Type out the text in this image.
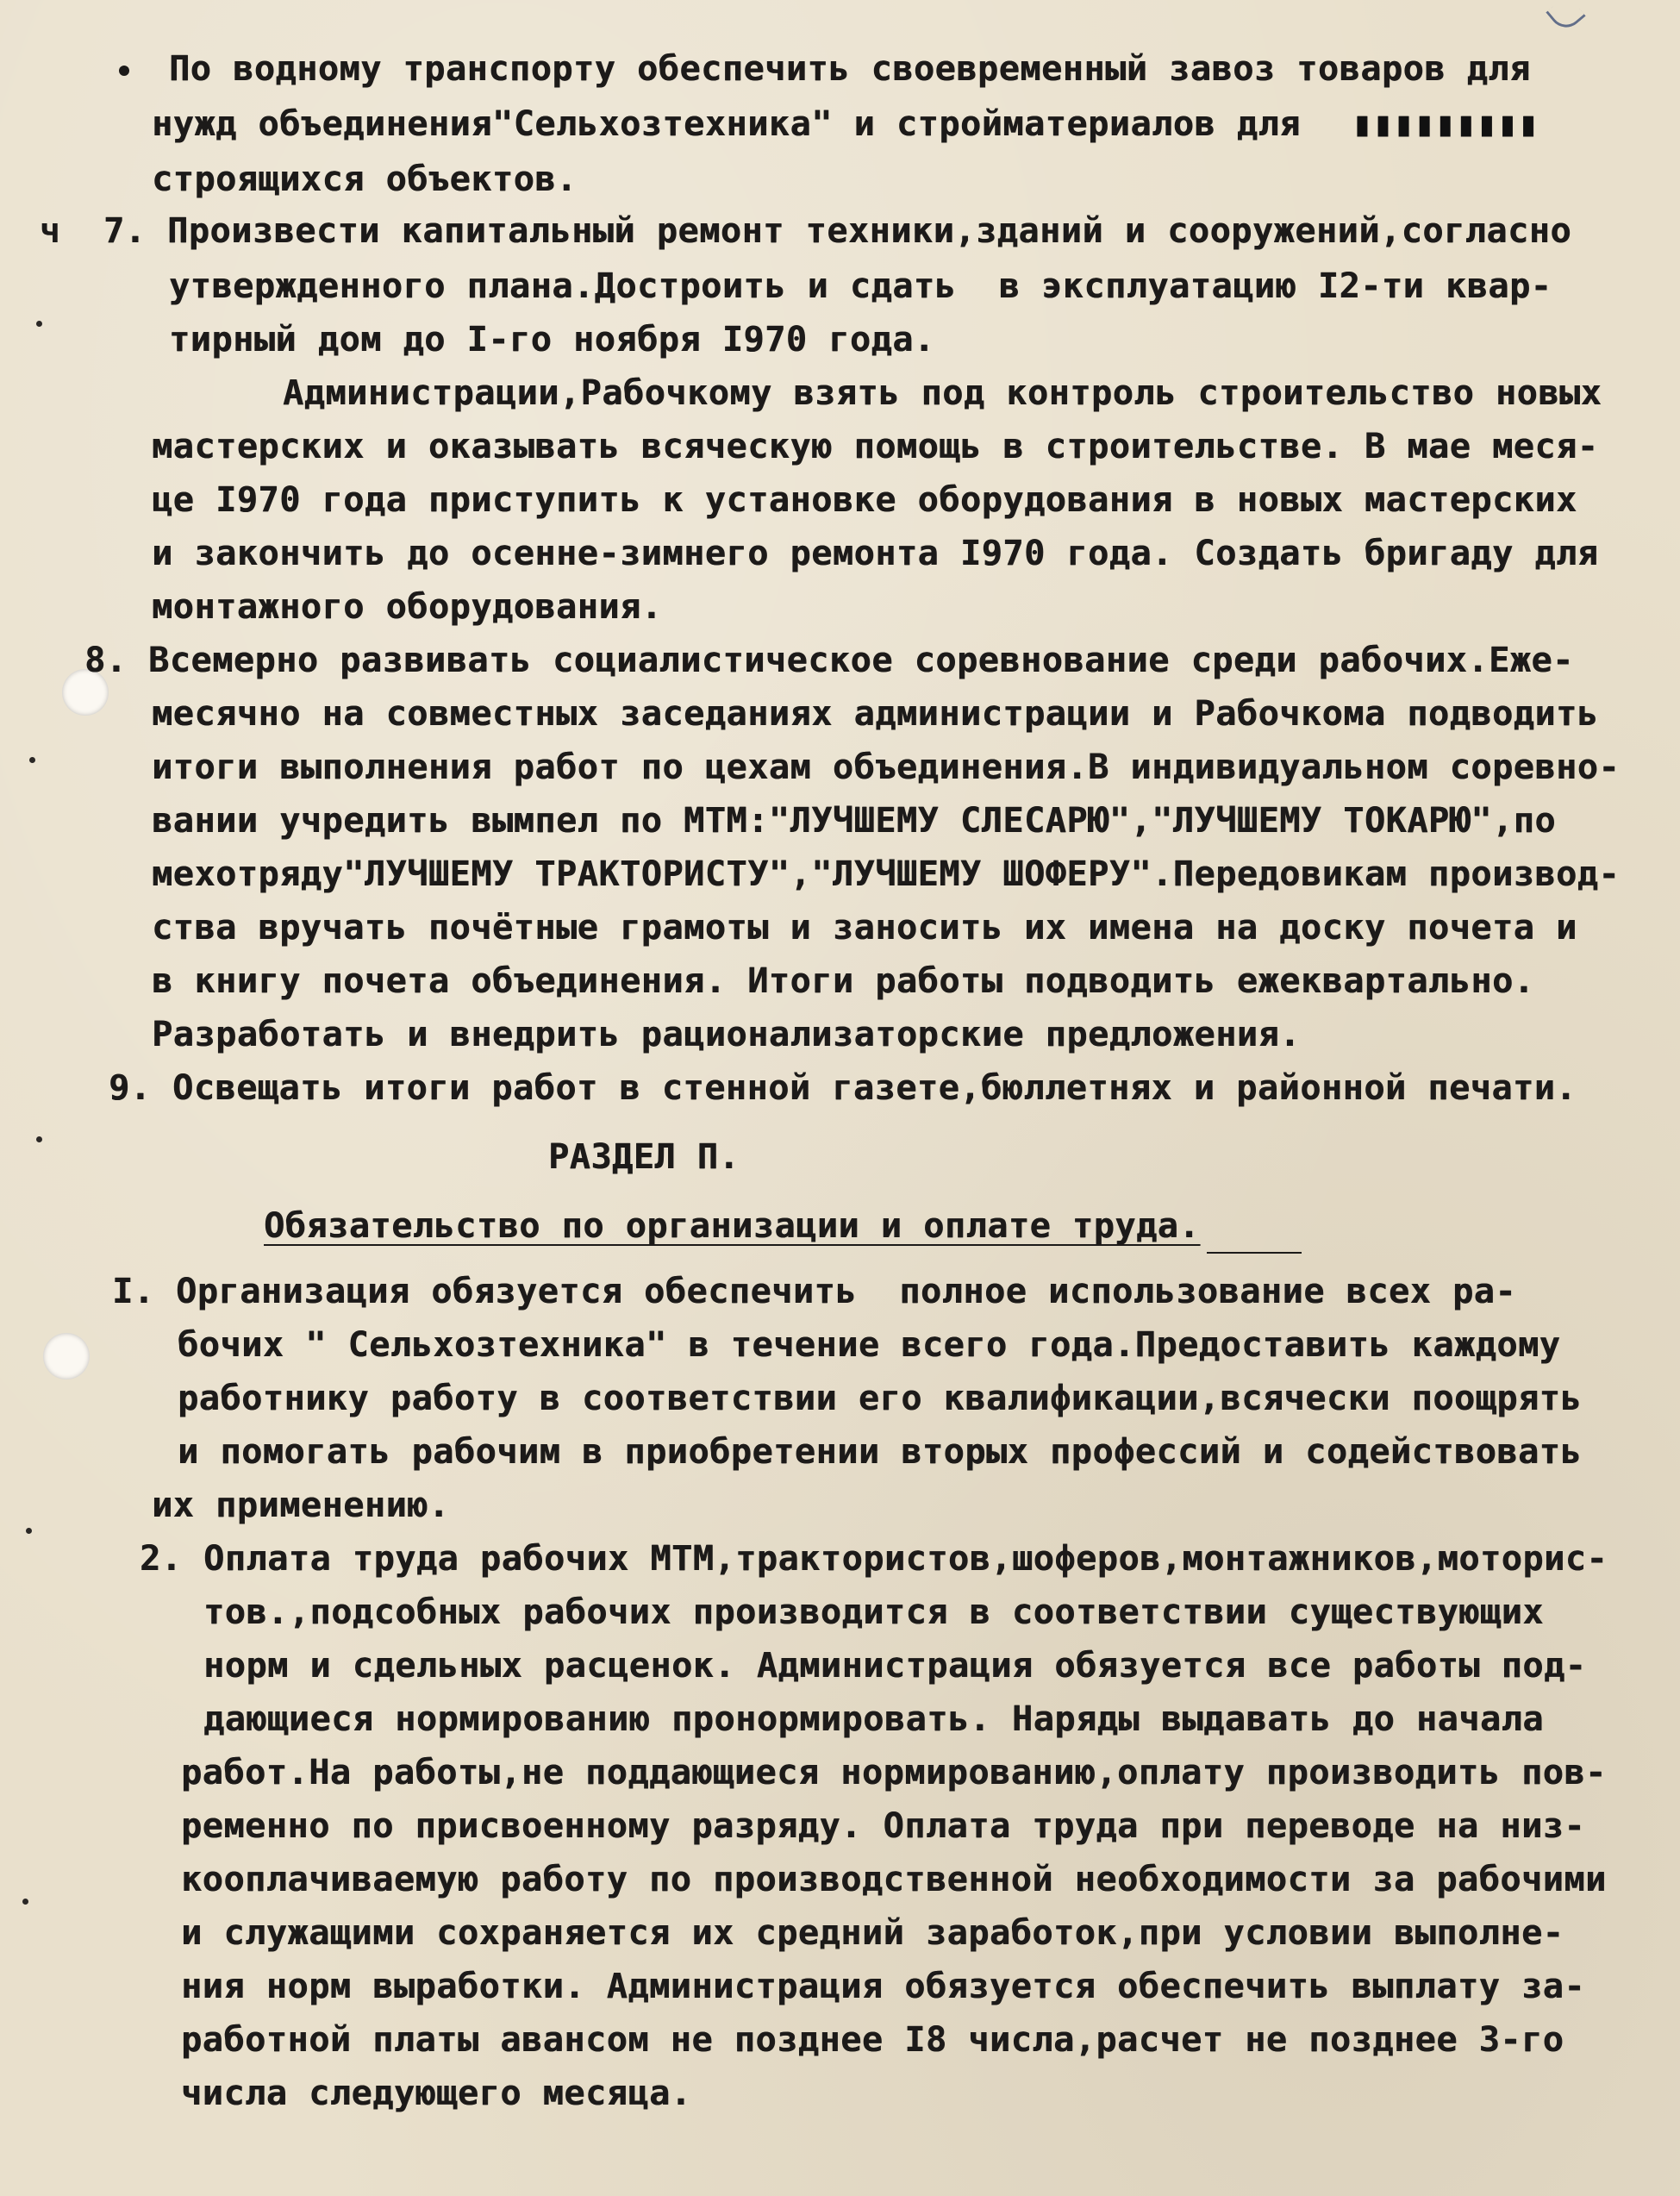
ч
По водному транспорту обеспечить своевременный завоз товаров для
нужд объединения"Сельхозтехника" и стройматериалов для ▮▮▮▮▮▮▮▮▮
строящихся объектов.
7. Произвести капитальный ремонт техники,зданий и сооружений,согласно
утвержденного плана.Достроить и сдать  в эксплуатацию I2-ти квар-
тирный дом до I-го ноября I970 года.
Администрации,Рабочкому взять под контроль строительство новых
мастерских и оказывать всяческую помощь в строительстве. В мае меся-
це I970 года приступить к установке оборудования в новых мастерских
и закончить до осенне-зимнего ремонта I970 года. Создать бригаду для
монтажного оборудования.
8. Всемерно развивать социалистическое соревнование среди рабочих.Еже-
месячно на совместных заседаниях администрации и Рабочкома подводить
итоги выполнения работ по цехам объединения.В индивидуальном соревно-
вании учредить вымпел по МТМ:"ЛУЧШЕМУ СЛЕСАРЮ","ЛУЧШЕМУ ТОКАРЮ",по
мехотряду"ЛУЧШЕМУ ТРАКТОРИСТУ","ЛУЧШЕМУ ШОФЕРУ".Передовикам производ-
ства вручать почётные грамоты и заносить их имена на доску почета и
в книгу почета объединения. Итоги работы подводить ежеквартально.
Разработать и внедрить рационализаторские предложения.
9. Освещать итоги работ в стенной газете,бюллетнях и районной печати.
РАЗДЕЛ П.
Обязательство по организации и оплате труда.
I. Организация обязуется обеспечить  полное использование всех ра-
бочих " Сельхозтехника" в течение всего года.Предоставить каждому
работнику работу в соответствии его квалификации,всячески поощрять
и помогать рабочим в приобретении вторых профессий и содействовать
их применению.
2. Оплата труда рабочих МТМ,трактористов,шоферов,монтажников,моторис-
тов.,подсобных рабочих производится в соответствии существующих
норм и сдельных расценок. Администрация обязуется все работы под-
дающиеся нормированию пронормировать. Наряды выдавать до начала
работ.На работы,не поддающиеся нормированию,оплату производить пов-
ременно по присвоенному разряду. Оплата труда при переводе на низ-
кооплачиваемую работу по производственной необходимости за рабочими
и служащими сохраняется их средний заработок,при условии выполне-
ния норм выработки. Администрация обязуется обеспечить выплату за-
работной платы авансом не позднее I8 числа,расчет не позднее 3-го
числа следующего месяца.
